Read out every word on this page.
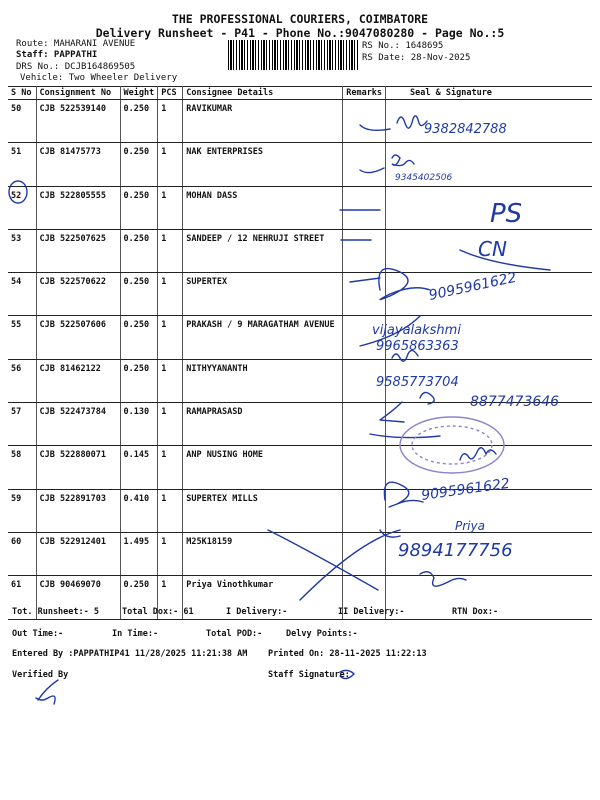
THE PROFESSIONAL COURIERS, COIMBATORE
Delivery Runsheet - P41 - Phone No.:9047080280 - Page No.:5
Route: MAHARANI AVENUE
Staff: PAPPATHI
DRS No.: DCJB164869505
Vehicle: Two Wheeler Delivery
RS No.: 1648695
RS Date: 28-Nov-2025
S No	Consignment No	Weight	PCS	Consignee Details	Remarks	Seal & Signature
50	CJB 522539140	0.250	1	RAVIKUMAR		
51	CJB 81475773	0.250	1	NAK ENTERPRISES		
52	CJB 522805555	0.250	1	MOHAN DASS		
53	CJB 522507625	0.250	1	SANDEEP / 12 NEHRUJI STREET		
54	CJB 522570622	0.250	1	SUPERTEX		
55	CJB 522507606	0.250	1	PRAKASH / 9 MARAGATHAM AVENUE		
56	CJB 81462122	0.250	1	NITHYYANANTH		
57	CJB 522473784	0.130	1	RAMAPRASASD		
58	CJB 522880071	0.145	1	ANP NUSING HOME		
59	CJB 522891703	0.410	1	SUPERTEX MILLS		
60	CJB 522912401	1.495	1	M25K18159		
61	CJB 90469070	0.250	1	Priya Vinothkumar		
9382842788
9345402506
PS
CN
9095961622
vijayalakshmi
9965863363
9585773704
8877473646
9095961622
Priya
9894177756
Tot. Runsheet:- 5	Total Dox:- 61	I Delivery:-	II Delivery:-	RTN Dox:-
Out Time:-	In Time:-	Total POD:-	Delvy Points:-
Entered By :PAPPATHIP41 11/28/2025 11:21:38 AM Printed On: 28-11-2025 11:22:13
Verified By	Staff Signature:
